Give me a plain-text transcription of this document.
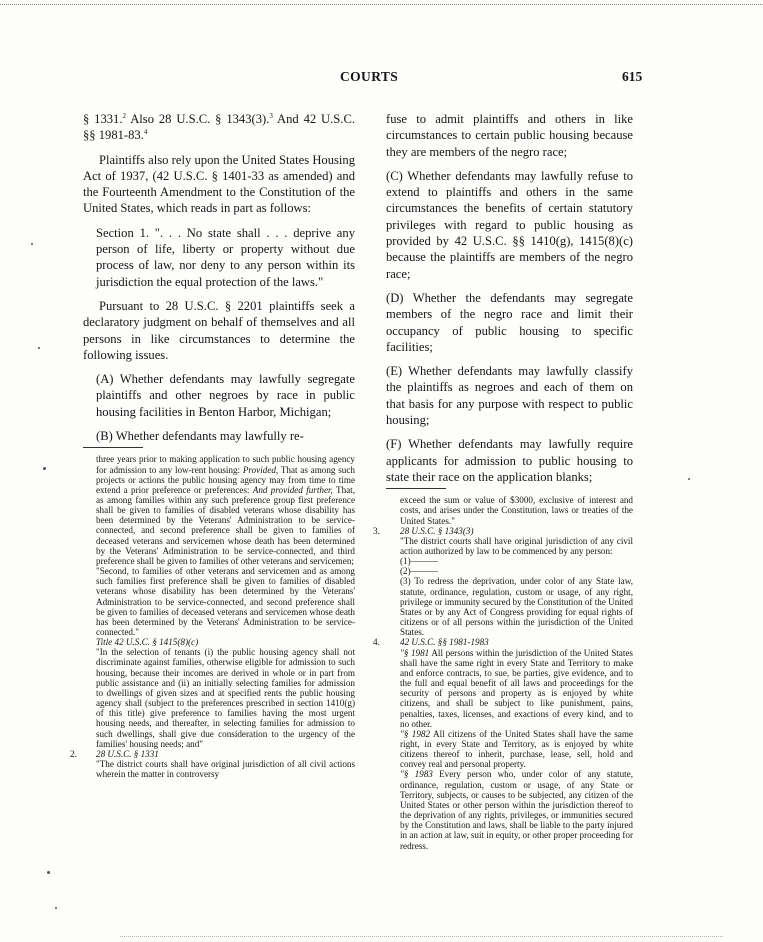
COURTS	615

§ 1331.$^2$ Also 28 U.S.C. § 1343(3).$^3$ And 42 U.S.C. §§ 1981-83.$^4$

Plaintiffs also rely upon the United States Housing Act of 1937, (42 U.S.C. § 1401-33 as amended) and the Fourteenth Amendment to the Constitution of the United States, which reads in part as follows:

Section 1. ". . . No state shall . . . deprive any person of life, liberty or property without due process of law, nor deny to any person within its jurisdiction the equal protection of the laws."

Pursuant to 28 U.S.C. § 2201 plaintiffs seek a declaratory judgment on behalf of themselves and all persons in like circumstances to determine the following issues.

(A) Whether defendants may lawfully segregate plaintiffs and other negroes by race in public housing facilities in Benton Harbor, Michigan;

(B) Whether defendants may lawfully re-

three years prior to making application to such public housing agency for admission to any low-rent housing: Provided, That as among such projects or actions the public housing agency may from time to time extend a prior preference or preferences: And provided further, That, as among families within any such preference group first preference shall be given to families of disabled veterans whose disability has been determined by the Veterans' Administration to be service-connected, and second preference shall be given to families of deceased veterans and servicemen whose death has been determined by the Veterans' Administration to be service-connected, and third preference shall be given to families of other veterans and servicemen;

"Second, to families of other veterans and servicemen and as among such families first preference shall be given to families of disabled veterans whose disability has been determined by the Veterans' Administration to be service-connected, and second preference shall be given to families of deceased veterans and servicemen whose death has been determined by the Veterans' Administration to be service-connected."

Title 42 U.S.C. § 1415(8)(c)

"In the selection of tenants (i) the public housing agency shall not discriminate against families, otherwise eligible for admission to such housing, because their incomes are derived in whole or in part from public assistance and (ii) an initially selecting families for admission to dwellings of given sizes and at specified rents the public housing agency shall (subject to the preferences prescribed in section 1410(g) of this title) give preference to families having the most urgent housing needs, and thereafter, in selecting families for admission to such dwellings, shall give due consideration to the urgency of the families' housing needs; and"

2.	28 U.S.C. § 1331

"The district courts shall have original jurisdiction of all civil actions wherein the matter in controversy

fuse to admit plaintiffs and others in like circumstances to certain public housing because they are members of the negro race;

(C) Whether defendants may lawfully refuse to extend to plaintiffs and others in the same circumstances the benefits of certain statutory privileges with regard to public housing as provided by 42 U.S.C. §§ 1410(g), 1415(8)(c) because the plaintiffs are members of the negro race;

(D) Whether the defendants may segregate members of the negro race and limit their occupancy of public housing to specific facilities;

(E) Whether defendants may lawfully classify the plaintiffs as negroes and each of them on that basis for any purpose with respect to public housing;

(F) Whether defendants may lawfully require applicants for admission to public housing to state their race on the application blanks;

exceed the sum or value of $3000, exclusive of interest and costs, and arises under the Constitution, laws or treaties of the United States."

3.	28 U.S.C. § 1343(3)

"The district courts shall have original jurisdiction of any civil action authorized by law to be commenced by any person:

(1)———

(2)———

(3) To redress the deprivation, under color of any State law, statute, ordinance, regulation, custom or usage, of any right, privilege or immunity secured by the Constitution of the United States or by any Act of Congress providing for equal rights of citizens or of all persons within the jurisdiction of the United States.

4.	42 U.S.C. §§ 1981-1983

"§ 1981 All persons within the jurisdiction of the United States shall have the same right in every State and Territory to make and enforce contracts, to sue, be parties, give evidence, and to the full and equal benefit of all laws and proceedings for the security of persons and property as is enjoyed by white citizens, and shall be subject to like punishment, pains, penalties, taxes, licenses, and exactions of every kind, and to no other.

"§ 1982 All citizens of the United States shall have the same right, in every State and Territory, as is enjoyed by white citizens thereof to inherit, purchase, lease, sell, hold and convey real and personal property.

"§ 1983 Every person who, under color of any statute, ordinance, regulation, custom or usage, of any State or Territory, subjects, or causes to be subjected, any citizen of the United States or other person within the jurisdiction thereof to the deprivation of any rights, privileges, or immunities secured by the Constitution and laws, shall be liable to the party injured in an action at law, suit in equity, or other proper proceeding for redress.
